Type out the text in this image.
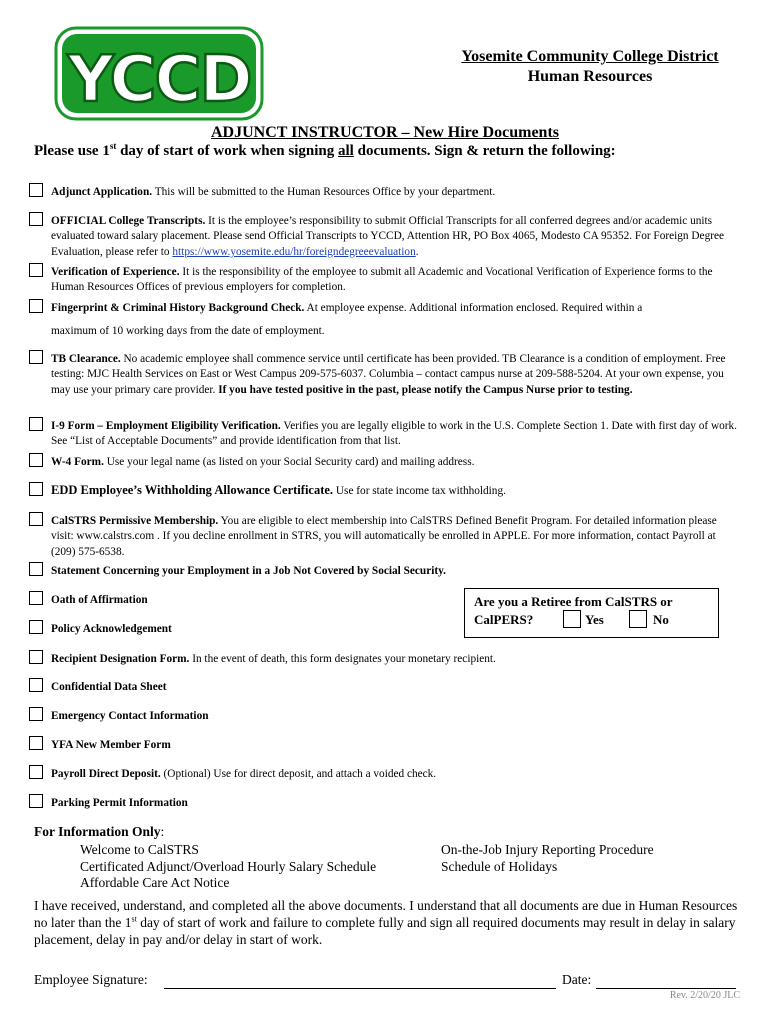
YCCD	Yosemite Community College District
Human Resources
ADJUNCT INSTRUCTOR – New Hire Documents
Please use 1st day of start of work when signing all documents. Sign & return the following:
Adjunct Application. This will be submitted to the Human Resources Office by your department.
OFFICIAL College Transcripts. It is the employee’s responsibility to submit Official Transcripts for all conferred degrees and/or academic units evaluated toward salary placement. Please send Official Transcripts to YCCD, Attention HR, PO Box 4065, Modesto CA 95352. For Foreign Degree Evaluation, please refer to https://www.yosemite.edu/hr/foreigndegreeevaluation.
Verification of Experience. It is the responsibility of the employee to submit all Academic and Vocational Verification of Experience forms to the Human Resources Offices of previous employers for completion.
Fingerprint & Criminal History Background Check. At employee expense. Additional information enclosed. Required within a
maximum of 10 working days from the date of employment.
TB Clearance. No academic employee shall commence service until certificate has been provided. TB Clearance is a condition of employment. Free testing: MJC Health Services on East or West Campus 209-575-6037. Columbia – contact campus nurse at 209-588-5204. At your own expense, you may use your primary care provider. If you have tested positive in the past, please notify the Campus Nurse prior to testing.
I-9 Form – Employment Eligibility Verification. Verifies you are legally eligible to work in the U.S. Complete Section 1. Date with first day of work. See “List of Acceptable Documents” and provide identification from that list.
W-4 Form. Use your legal name (as listed on your Social Security card) and mailing address.
EDD Employee’s Withholding Allowance Certificate. Use for state income tax withholding.
CalSTRS Permissive Membership. You are eligible to elect membership into CalSTRS Defined Benefit Program. For detailed information please visit: www.calstrs.com . If you decline enrollment in STRS, you will automatically be enrolled in APPLE. For more information, contact Payroll at (209) 575-6538.
Statement Concerning your Employment in a Job Not Covered by Social Security.
Oath of Affirmation	Are you a Retiree from CalSTRS or
CalPERS?	Yes	No
Policy Acknowledgement
Recipient Designation Form. In the event of death, this form designates your monetary recipient.
Confidential Data Sheet
Emergency Contact Information
YFA New Member Form
Payroll Direct Deposit. (Optional) Use for direct deposit, and attach a voided check.
Parking Permit Information
For Information Only:
Welcome to CalSTRS
Certificated Adjunct/Overload Hourly Salary Schedule
Affordable Care Act Notice
On-the-Job Injury Reporting Procedure
Schedule of Holidays
I have received, understand, and completed all the above documents. I understand that all documents are due in Human Resources no later than the 1st day of start of work and failure to complete fully and sign all required documents may result in delay in salary placement, delay in pay and/or delay in start of work.
Employee Signature:	Date:
Rev. 2/20/20 JLC
